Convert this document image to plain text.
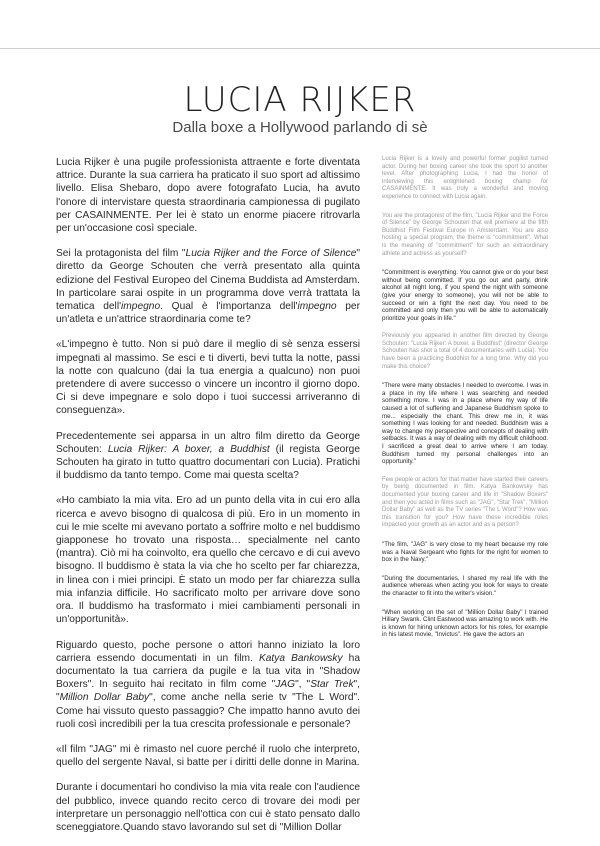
LUCIA RIJKER
Dalla boxe a Hollywood parlando di sè

Lucia Rijker è una pugile professionista attraente e forte diventata attrice. Durante la sua carriera ha praticato il suo sport ad altissimo livello. Elisa Shebaro, dopo avere fotografato Lucia, ha avuto l'onore di intervistare questa straordinaria campionessa di pugilato per CASAINMENTE. Per lei è stato un enorme piacere ritrovarla per un'occasione così speciale.

Sei la protagonista del film "Lucia Rijker and the Force of Silence" diretto da George Schouten che verrà presentato alla quinta edizione del Festival Europeo del Cinema Buddista ad Amsterdam. In particolare sarai ospite in un programma dove verrà trattata la tematica dell'impegno. Qual è l'importanza dell'impegno per un'atleta e un'attrice straordinaria come te?

«L'impegno è tutto. Non si può dare il meglio di sè senza essersi impegnati al massimo. Se esci e ti diverti, bevi tutta la notte, passi la notte con qualcuno (dai la tua energia a qualcuno) non puoi pretendere di avere successo o vincere un incontro il giorno dopo. Ci si deve impegnare e solo dopo i tuoi successi arriveranno di conseguenza».

Precedentemente sei apparsa in un altro film diretto da George Schouten: Lucia Rijker: A boxer, a Buddhist (il regista George Schouten ha girato in tutto quattro documentari con Lucia). Pratichi il buddismo da tanto tempo. Come mai questa scelta?

«Ho cambiato la mia vita. Ero ad un punto della vita in cui ero alla ricerca e avevo bisogno di qualcosa di più. Ero in un momento in cui le mie scelte mi avevano portato a soffrire molto e nel buddismo giapponese ho trovato una risposta… specialmente nel canto (mantra). Ciò mi ha coinvolto, era quello che cercavo e di cui avevo bisogno. Il buddismo è stata la via che ho scelto per far chiarezza, in linea con i miei principi. È stato un modo per far chiarezza sulla mia infanzia difficile. Ho sacrificato molto per arrivare dove sono ora. Il buddismo ha trasformato i miei cambiamenti personali in un'opportunità».

Riguardo questo, poche persone o attori hanno iniziato la loro carriera essendo documentati in un film. Katya Bankowsky ha documentato la tua carriera da pugile e la tua vita in "Shadow Boxers". In seguito hai recitato in film come "JAG", "Star Trek", "Million Dollar Baby", come anche nella serie tv "The L Word". Come hai vissuto questo passaggio? Che impatto hanno avuto dei ruoli così incredibili per la tua crescita professionale e personale?

«Il film "JAG" mi è rimasto nel cuore perché il ruolo che interpreto, quello del sergente Naval, si batte per i diritti delle donne in Marina.

Durante i documentari ho condiviso la mia vita reale con l'audience del pubblico, invece quando recito cerco di trovare dei modi per interpretare un personaggio nell'ottica con cui è stato pensato dallo sceneggiatore.Quando stavo lavorando sul set di "Million Dollar

Lucia Rijker is a lovely and powerful former pugilist turned actor. During her boxing career she took the sport to another level. After photographing Lucia, I had the honor of interviewing this enlightened boxing champ for CASAINMENTE. It was truly a wonderful and moving experience to connect with Lucia again.

You are the protagonist of the film, "Lucia Rijker and the Force of Silence" by George Schouten that will premiere at the fifth Buddhist Film Festival Europe in Amsterdam. You are also hosting a special program, the theme is "commitment". What is the meaning of "commitment" for such an extraordinary athlete and actress as yourself?

"Commitment is everything. You cannot give or do your best without being committed. If you go out and party, drink alcohol all night long, if you spend the night with someone (give your energy to someone), you will not be able to succeed or win a fight the next day. You need to be committed and only then you will be able to automatically prioritize your goals in life."

Previously you appeared in another film directed by George Schouten: "Lucia Rijker: A boxer, a Buddhist" (director George Schouten has shot a total of 4 documentaries with Lucia). You have been a practicing Buddhist for a long time. Why did you make this choice?

"There were many obstacles I needed to overcome. I was in a place in my life where I was searching and needed something more. I was in a place where my way of life caused a lot of suffering and Japanese Buddhism spoke to me... especially the chant. This drew me in, it was something I was looking for and needed. Buddhism was a way to change my perspective and concepts of dealing with setbacks. It was a way of dealing with my difficult childhood. I sacrificed a great deal to arrive where I am today. Buddhism turned my personal challenges into an opportunity."

Few people or actors for that matter have started their careers by being documented in film. Katya Bankowsky has documented your boxing career and life in "Shadow Boxers" and then you acted in films such as "JAG", "Star Trek", "Million Dollar Baby" as well as the TV series "The L Word"? How was this transition for you? How have these incredible roles impacted your growth as an actor and as a person?

"The film, "JAG" is very close to my heart because my role was a Naval Sergeant who fights for the right for women to box in the Navy."

"During the documentaries, I shared my real life with the audience whereas when acting you look for ways to create the character to fit into the writer's vision."

"When working on the set of "Million Dollar Baby" I trained Hillary Swank. Clint Eastwood was amazing to work with. He is known for hiring unknown actors for his roles, for example in his latest movie, "Invictus". He gave the actors an
